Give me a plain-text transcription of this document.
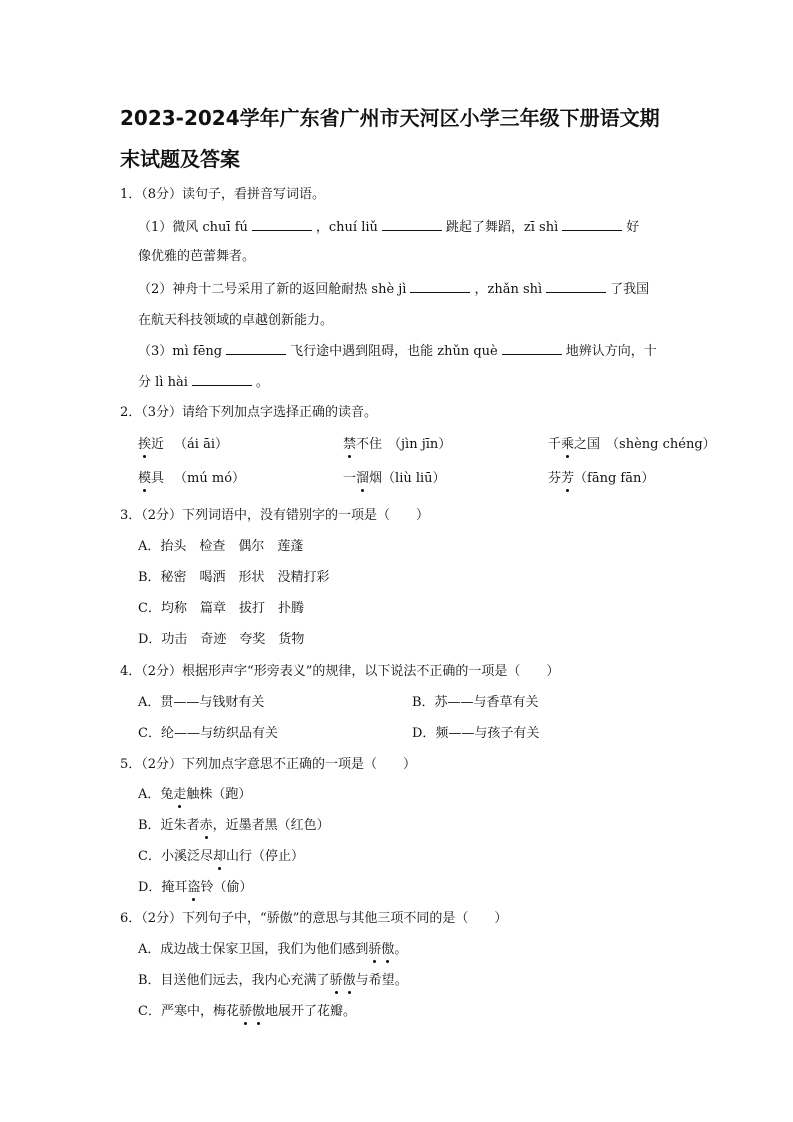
2023-2024学年广东省广州市天河区小学三年级下册语文期
末试题及答案
1．（8分）读句子，看拼音写词语。
（1）微风 chuī fú	，chuí liǔ	跳起了舞蹈，zī shì	好
像优雅的芭蕾舞者。
（2）神舟十二号采用了新的返回舱耐热 shè jì	，zhǎn shì	了我国
在航天科技领域的卓越创新能力。
（3）mì fēng	飞行途中遇到阻碍，也能 zhǔn què	地辨认方向，十
分 lì hài	。
2．（3分）请给下列加点字选择正确的读音。
挨近 （ái āi）	禁不住 （jìn jīn）	千乘之国 （shèng chéng）
模具 （mú mó）	一溜烟（liù liū）	芬芳（fāng fān）
3．（2分）下列词语中，没有错别字的一项是（　　）
A．抬头　检查　偶尔　莲蓬
B．秘密　喝洒　形状　没精打彩
C．均称　篇章　拔打　扑腾
D．功击　奇迹　夸奖　货物
4．（2分）根据形声字“形旁表义”的规律，以下说法不正确的一项是（　　）
A．贯——与钱财有关	B．苏——与香草有关
C．纶——与纺织品有关	D．频——与孩子有关
5．（2分）下列加点字意思不正确的一项是（　　）
A．兔走触株（跑）
B．近朱者赤，近墨者黑（红色）
C．小溪泛尽却山行（停止）
D．掩耳盗铃（偷）
6．（2分）下列句子中，“骄傲”的意思与其他三项不同的是（　　）
A．成边战士保家卫国，我们为他们感到骄傲。
B．目送他们远去，我内心充满了骄傲与希望。
C．严寒中，梅花骄傲地展开了花瓣。
